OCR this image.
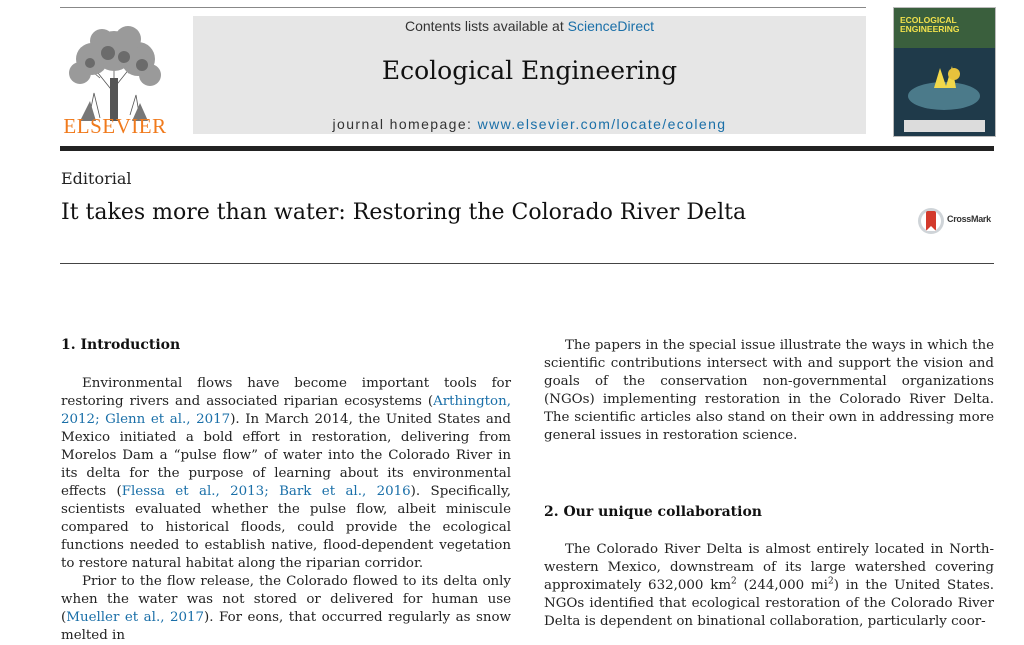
ELSEVIER
Contents lists available at ScienceDirect
Ecological Engineering
journal homepage: www.elsevier.com/locate/ecoleng
ECOLOGICAL ENGINEERING
Editorial
It takes more than water: Restoring the Colorado River Delta	CrossMark
1. Introduction

Environmental flows have become important tools for restoring rivers and associated riparian ecosystems (Arthington, 2012; Glenn et al., 2017). In March 2014, the United States and Mexico initiated a bold effort in restoration, delivering from Morelos Dam a “pulse flow” of water into the Colorado River in its delta for the purpose of learning about its environmental effects (Flessa et al., 2013; Bark et al., 2016). Specifically, scientists evaluated whether the pulse flow, albeit miniscule compared to historical floods, could provide the ecological functions needed to establish native, flood-dependent vegetation to restore natural habitat along the riparian corridor.

Prior to the flow release, the Colorado flowed to its delta only when the water was not stored or delivered for human use (Mueller et al., 2017). For eons, that occurred regularly as snow melted in

The papers in the special issue illustrate the ways in which the scientific contributions intersect with and support the vision and goals of the conservation non-governmental organizations (NGOs) implementing restoration in the Colorado River Delta. The scientific articles also stand on their own in addressing more general issues in restoration science.

2. Our unique collaboration

The Colorado River Delta is almost entirely located in North-western Mexico, downstream of its large watershed covering approximately 632,000 $km^2$ (244,000 $mi^2$) in the United States. NGOs identified that ecological restoration of the Colorado River Delta is dependent on binational collaboration, particularly coor-
